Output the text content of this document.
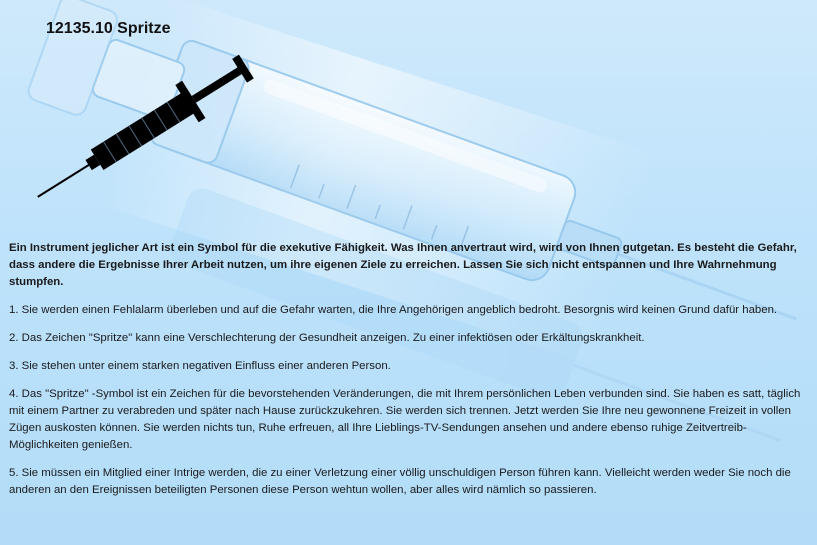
12135.10 Spritze

Ein Instrument jeglicher Art ist ein Symbol für die exekutive Fähigkeit. Was Ihnen anvertraut wird, wird von Ihnen gutgetan. Es besteht die Gefahr, dass andere die Ergebnisse Ihrer Arbeit nutzen, um ihre eigenen Ziele zu erreichen. Lassen Sie sich nicht entspannen und Ihre Wahrnehmung stumpfen.

1. Sie werden einen Fehlalarm überleben und auf die Gefahr warten, die Ihre Angehörigen angeblich bedroht. Besorgnis wird keinen Grund dafür haben.

2. Das Zeichen "Spritze" kann eine Verschlechterung der Gesundheit anzeigen. Zu einer infektiösen oder Erkältungskrankheit.

3. Sie stehen unter einem starken negativen Einfluss einer anderen Person.

4. Das "Spritze" -Symbol ist ein Zeichen für die bevorstehenden Veränderungen, die mit Ihrem persönlichen Leben verbunden sind. Sie haben es satt, täglich mit einem Partner zu verabreden und später nach Hause zurückzukehren. Sie werden sich trennen. Jetzt werden Sie Ihre neu gewonnene Freizeit in vollen Zügen auskosten können. Sie werden nichts tun, Ruhe erfreuen, all Ihre Lieblings-TV-Sendungen ansehen und andere ebenso ruhige Zeitvertreib-Möglichkeiten genießen.

5. Sie müssen ein Mitglied einer Intrige werden, die zu einer Verletzung einer völlig unschuldigen Person führen kann. Vielleicht werden weder Sie noch die anderen an den Ereignissen beteiligten Personen diese Person wehtun wollen, aber alles wird nämlich so passieren.
